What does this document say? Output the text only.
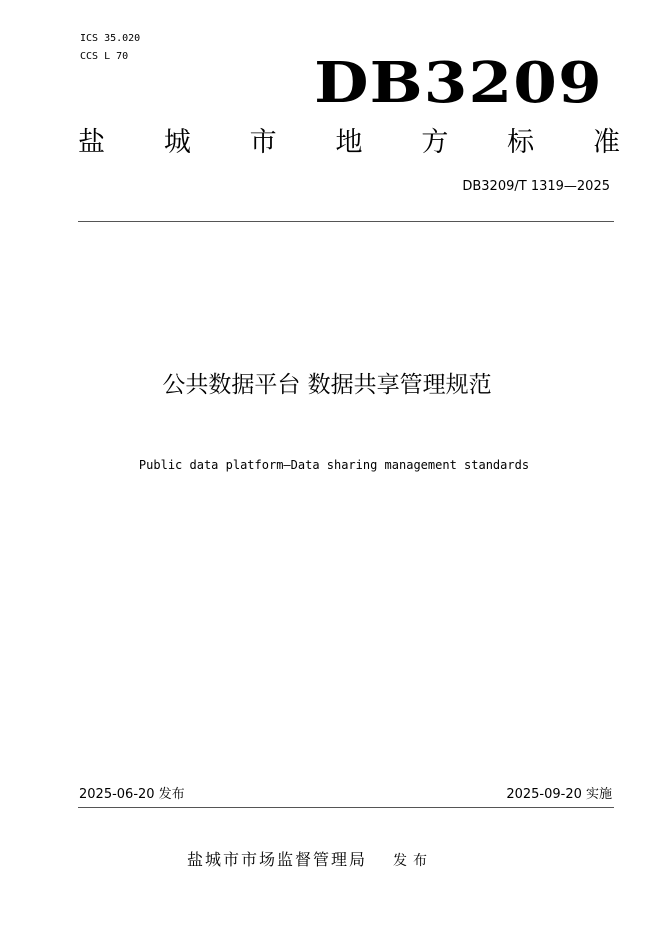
ICS 35.020
CCS L 70	DB3209
盐 城 市 地 方 标 准
DB3209/T 1319—2025
公共数据平台 数据共享管理规范
Public data platform—Data sharing management standards
2025-06-20 发布	2025-09-20 实施
盐城市市场监督管理局 发布
